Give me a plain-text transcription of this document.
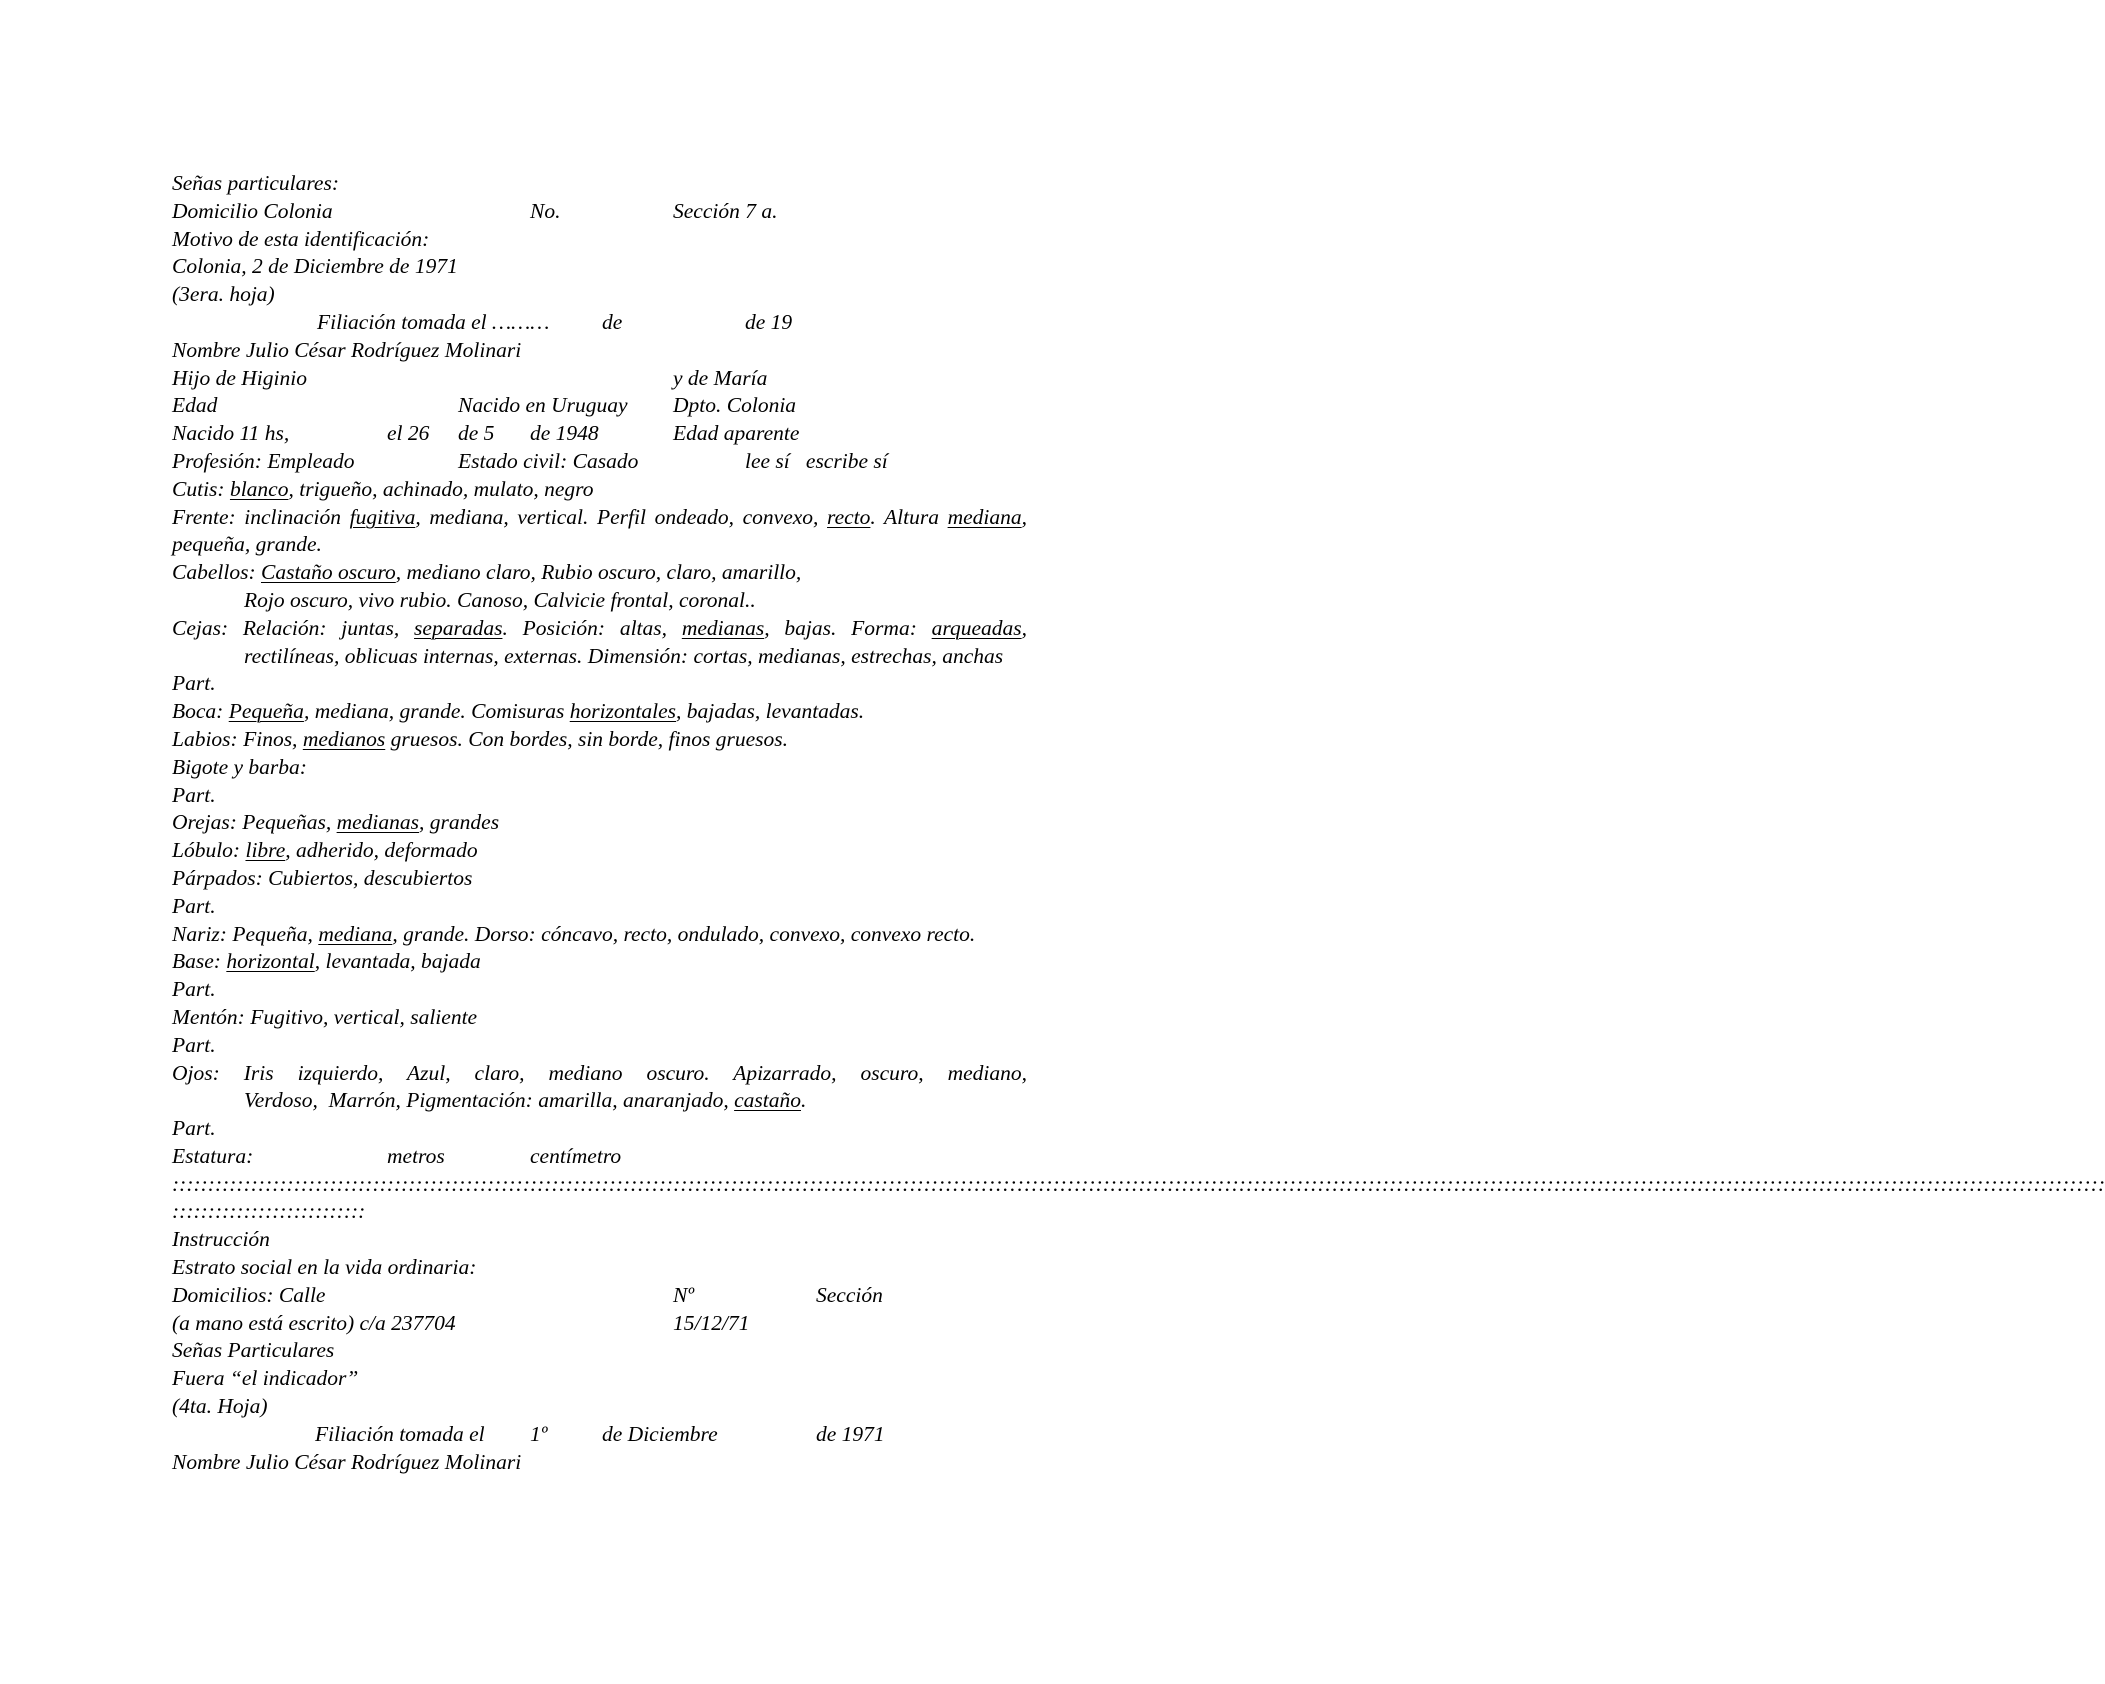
Señas particulares:
Domicilio Colonia	No.	Sección 7 a.
Motivo de esta identificación:
Colonia, 2 de Diciembre de 1971
(3era. hoja)
Filiación tomada el ……… de	de 19
Nombre Julio César Rodríguez Molinari
Hijo de Higinio	y de María
Edad	Nacido en Uruguay Dpto. Colonia
Nacido 11 hs,	el 26 de 5 de 1948	Edad aparente
Profesión: Empleado	Estado civil: Casado	lee sí   escribe sí
Cutis: blanco, trigueño, achinado, mulato, negro
Frente: inclinación fugitiva, mediana, vertical. Perfil ondeado, convexo, recto. Altura mediana, pequeña, grande.
Cabellos: Castaño oscuro, mediano claro, Rubio oscuro, claro, amarillo,
Rojo oscuro, vivo rubio. Canoso, Calvicie frontal, coronal..
Cejas: Relación: juntas, separadas. Posición: altas, medianas, bajas. Forma: arqueadas, rectilíneas, oblicuas internas, externas. Dimensión: cortas, medianas, estrechas, anchas
Part.
Boca: Pequeña, mediana, grande. Comisuras horizontales, bajadas, levantadas.
Labios: Finos, medianos gruesos. Con bordes, sin borde, finos gruesos.
Bigote y barba:
Part.
Orejas: Pequeñas, medianas, grandes
Lóbulo: libre, adherido, deformado
Párpados: Cubiertos, descubiertos
Part.
Nariz: Pequeña, mediana, grande. Dorso: cóncavo, recto, ondulado, convexo, convexo recto.
Base: horizontal, levantada, bajada
Part.
Mentón: Fugitivo, vertical, saliente
Part.
Ojos: Iris izquierdo, Azul, claro, mediano oscuro. Apizarrado, oscuro, mediano,
Verdoso,  Marrón, Pigmentación: amarilla, anaranjado, castaño.
Part.
Estatura:	metros	centímetro
::::::::::::::::::::::::::::::::::::::::::::::::::::::::::::::::::::::::::::::::::::::::::::::::::::::::::::::::::::::::::::::::::::::::::::::::::::::::::::::::::::::::::::::::::::::::::::::::::::::::::::::::::::::::::::::::::::::::::::::::::::::::::::::::::::::::::::::
:::::::::::::::::::::::::::
Instrucción
Estrato social en la vida ordinaria:
Domicilios: Calle	Nº	Sección
(a mano está escrito) c/a 237704	15/12/71
Señas Particulares
Fuera “el indicador”
(4ta. Hoja)
Filiación tomada el 1º	de Diciembre	de 1971
Nombre Julio César Rodríguez Molinari
